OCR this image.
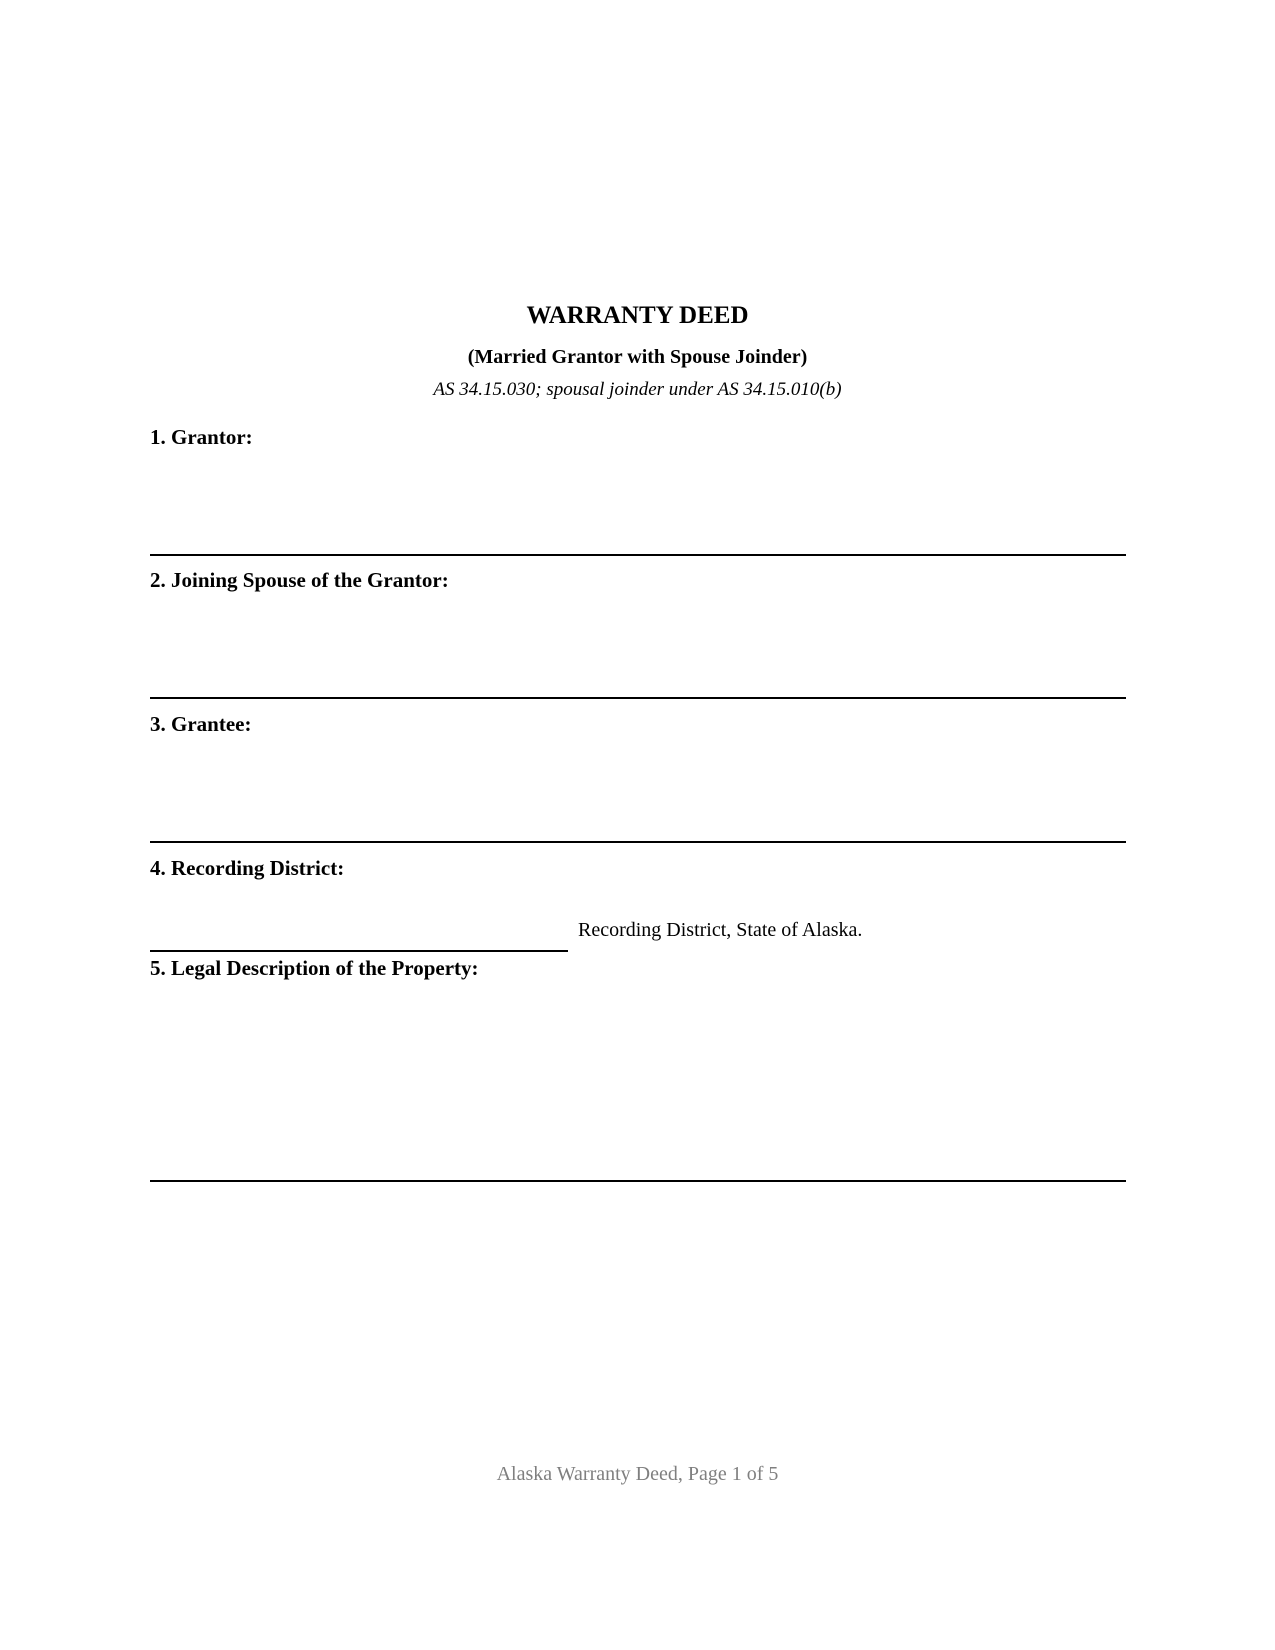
WARRANTY DEED
(Married Grantor with Spouse Joinder)
AS 34.15.030; spousal joinder under AS 34.15.010(b)
1. Grantor:
2. Joining Spouse of the Grantor:
3. Grantee:
4. Recording District:
Recording District, State of Alaska.
5. Legal Description of the Property:
Alaska Warranty Deed, Page 1 of 5
